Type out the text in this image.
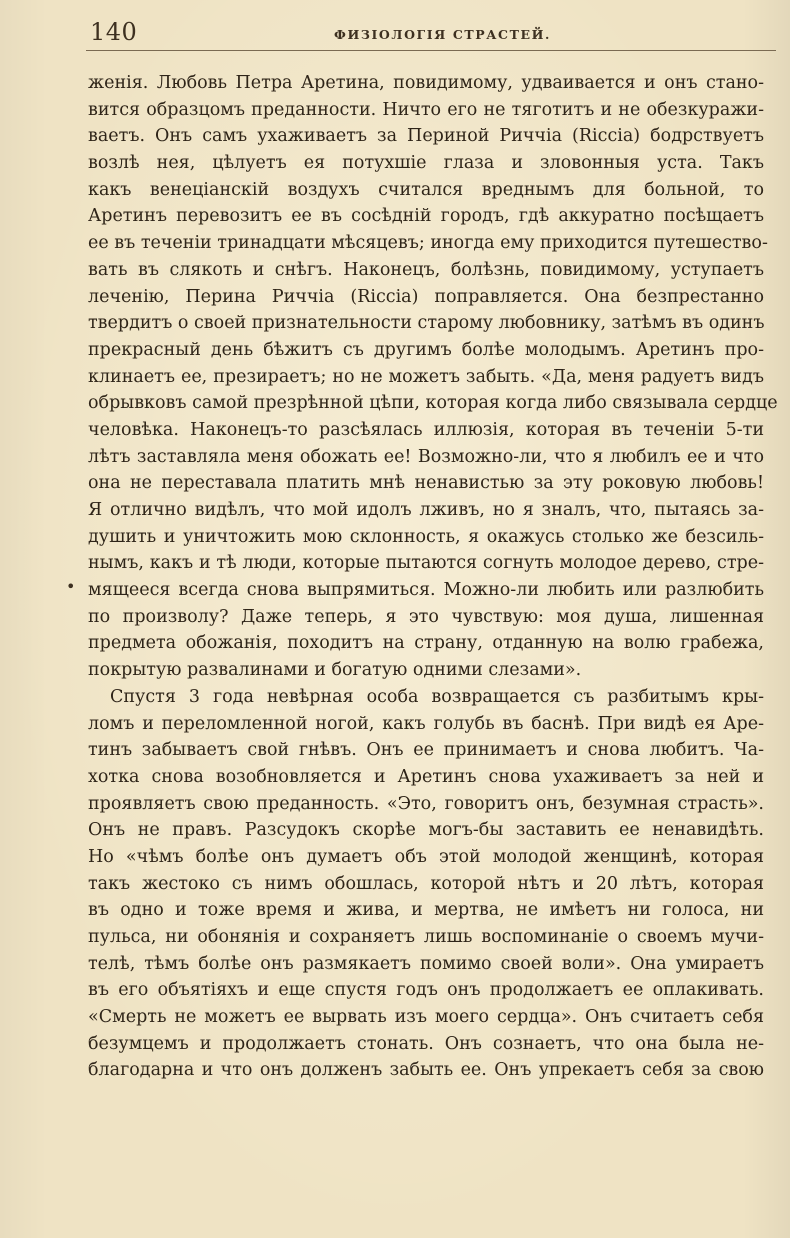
140	ФИЗІОЛОГІЯ СТРАСТЕЙ.
•
женія. Любовь Петра Аретина, повидимому, удваивается и онъ стано-
вится образцомъ преданности. Ничто его не тяготитъ и не обезкуражи-
ваетъ. Онъ самъ ухаживаетъ за Периной Риччіа (Riccia) бодрствуетъ
возлѣ нея, цѣлуетъ ея потухшіе глаза и зловонныя уста. Такъ
какъ венеціанскій воздухъ считался вреднымъ для больной, то
Аретинъ перевозитъ ее въ сосѣдній городъ, гдѣ аккуратно посѣщаетъ
ее въ теченіи тринадцати мѣсяцевъ; иногда ему приходится путешество-
вать въ слякоть и снѣгъ. Наконецъ, болѣзнь, повидимому, уступаетъ
леченію, Перина Риччіа (Riccia) поправляется. Она безпрестанно
твердитъ о своей признательности старому любовнику, затѣмъ въ одинъ
прекрасный день бѣжитъ съ другимъ болѣе молодымъ. Аретинъ про-
клинаетъ ее, презираетъ; но не можетъ забыть. «Да, меня радуетъ видъ
обрывковъ самой презрѣнной цѣпи, которая когда либо связывала сердце
человѣка. Наконецъ-то разсѣялась иллюзія, которая въ теченіи 5-ти
лѣтъ заставляла меня обожать ее! Возможно-ли, что я любилъ ее и что
она не переставала платить мнѣ ненавистью за эту роковую любовь!
Я отлично видѣлъ, что мой идолъ лживъ, но я зналъ, что, пытаясь за-
душить и уничтожить мою склонность, я окажусь столько же безсиль-
нымъ, какъ и тѣ люди, которые пытаются согнуть молодое дерево, стре-
мящееся всегда снова выпрямиться. Можно-ли любить или разлюбить
по произволу? Даже теперь, я это чувствую: моя душа, лишенная
предмета обожанія, походитъ на страну, отданную на волю грабежа,
покрытую развалинами и богатую одними слезами».
Спустя 3 года невѣрная особа возвращается съ разбитымъ кры-
ломъ и переломленной ногой, какъ голубь въ баснѣ. При видѣ ея Аре-
тинъ забываетъ свой гнѣвъ. Онъ ее принимаетъ и снова любитъ. Ча-
хотка снова возобновляется и Аретинъ снова ухаживаетъ за ней и
проявляетъ свою преданность. «Это, говоритъ онъ, безумная страсть».
Онъ не правъ. Разсудокъ скорѣе могъ-бы заставить ее ненавидѣть.
Но «чѣмъ болѣе онъ думаетъ объ этой молодой женщинѣ, которая
такъ жестоко съ нимъ обошлась, которой нѣтъ и 20 лѣтъ, которая
въ одно и тоже время и жива, и мертва, не имѣетъ ни голоса, ни
пульса, ни обонянія и сохраняетъ лишь воспоминаніе о своемъ мучи-
телѣ, тѣмъ болѣе онъ размякаетъ помимо своей воли». Она умираетъ
въ его объятіяхъ и еще спустя годъ онъ продолжаетъ ее оплакивать.
«Смерть не можетъ ее вырвать изъ моего сердца». Онъ считаетъ себя
безумцемъ и продолжаетъ стонать. Онъ сознаетъ, что она была не-
благодарна и что онъ долженъ забыть ее. Онъ упрекаетъ себя за свою
